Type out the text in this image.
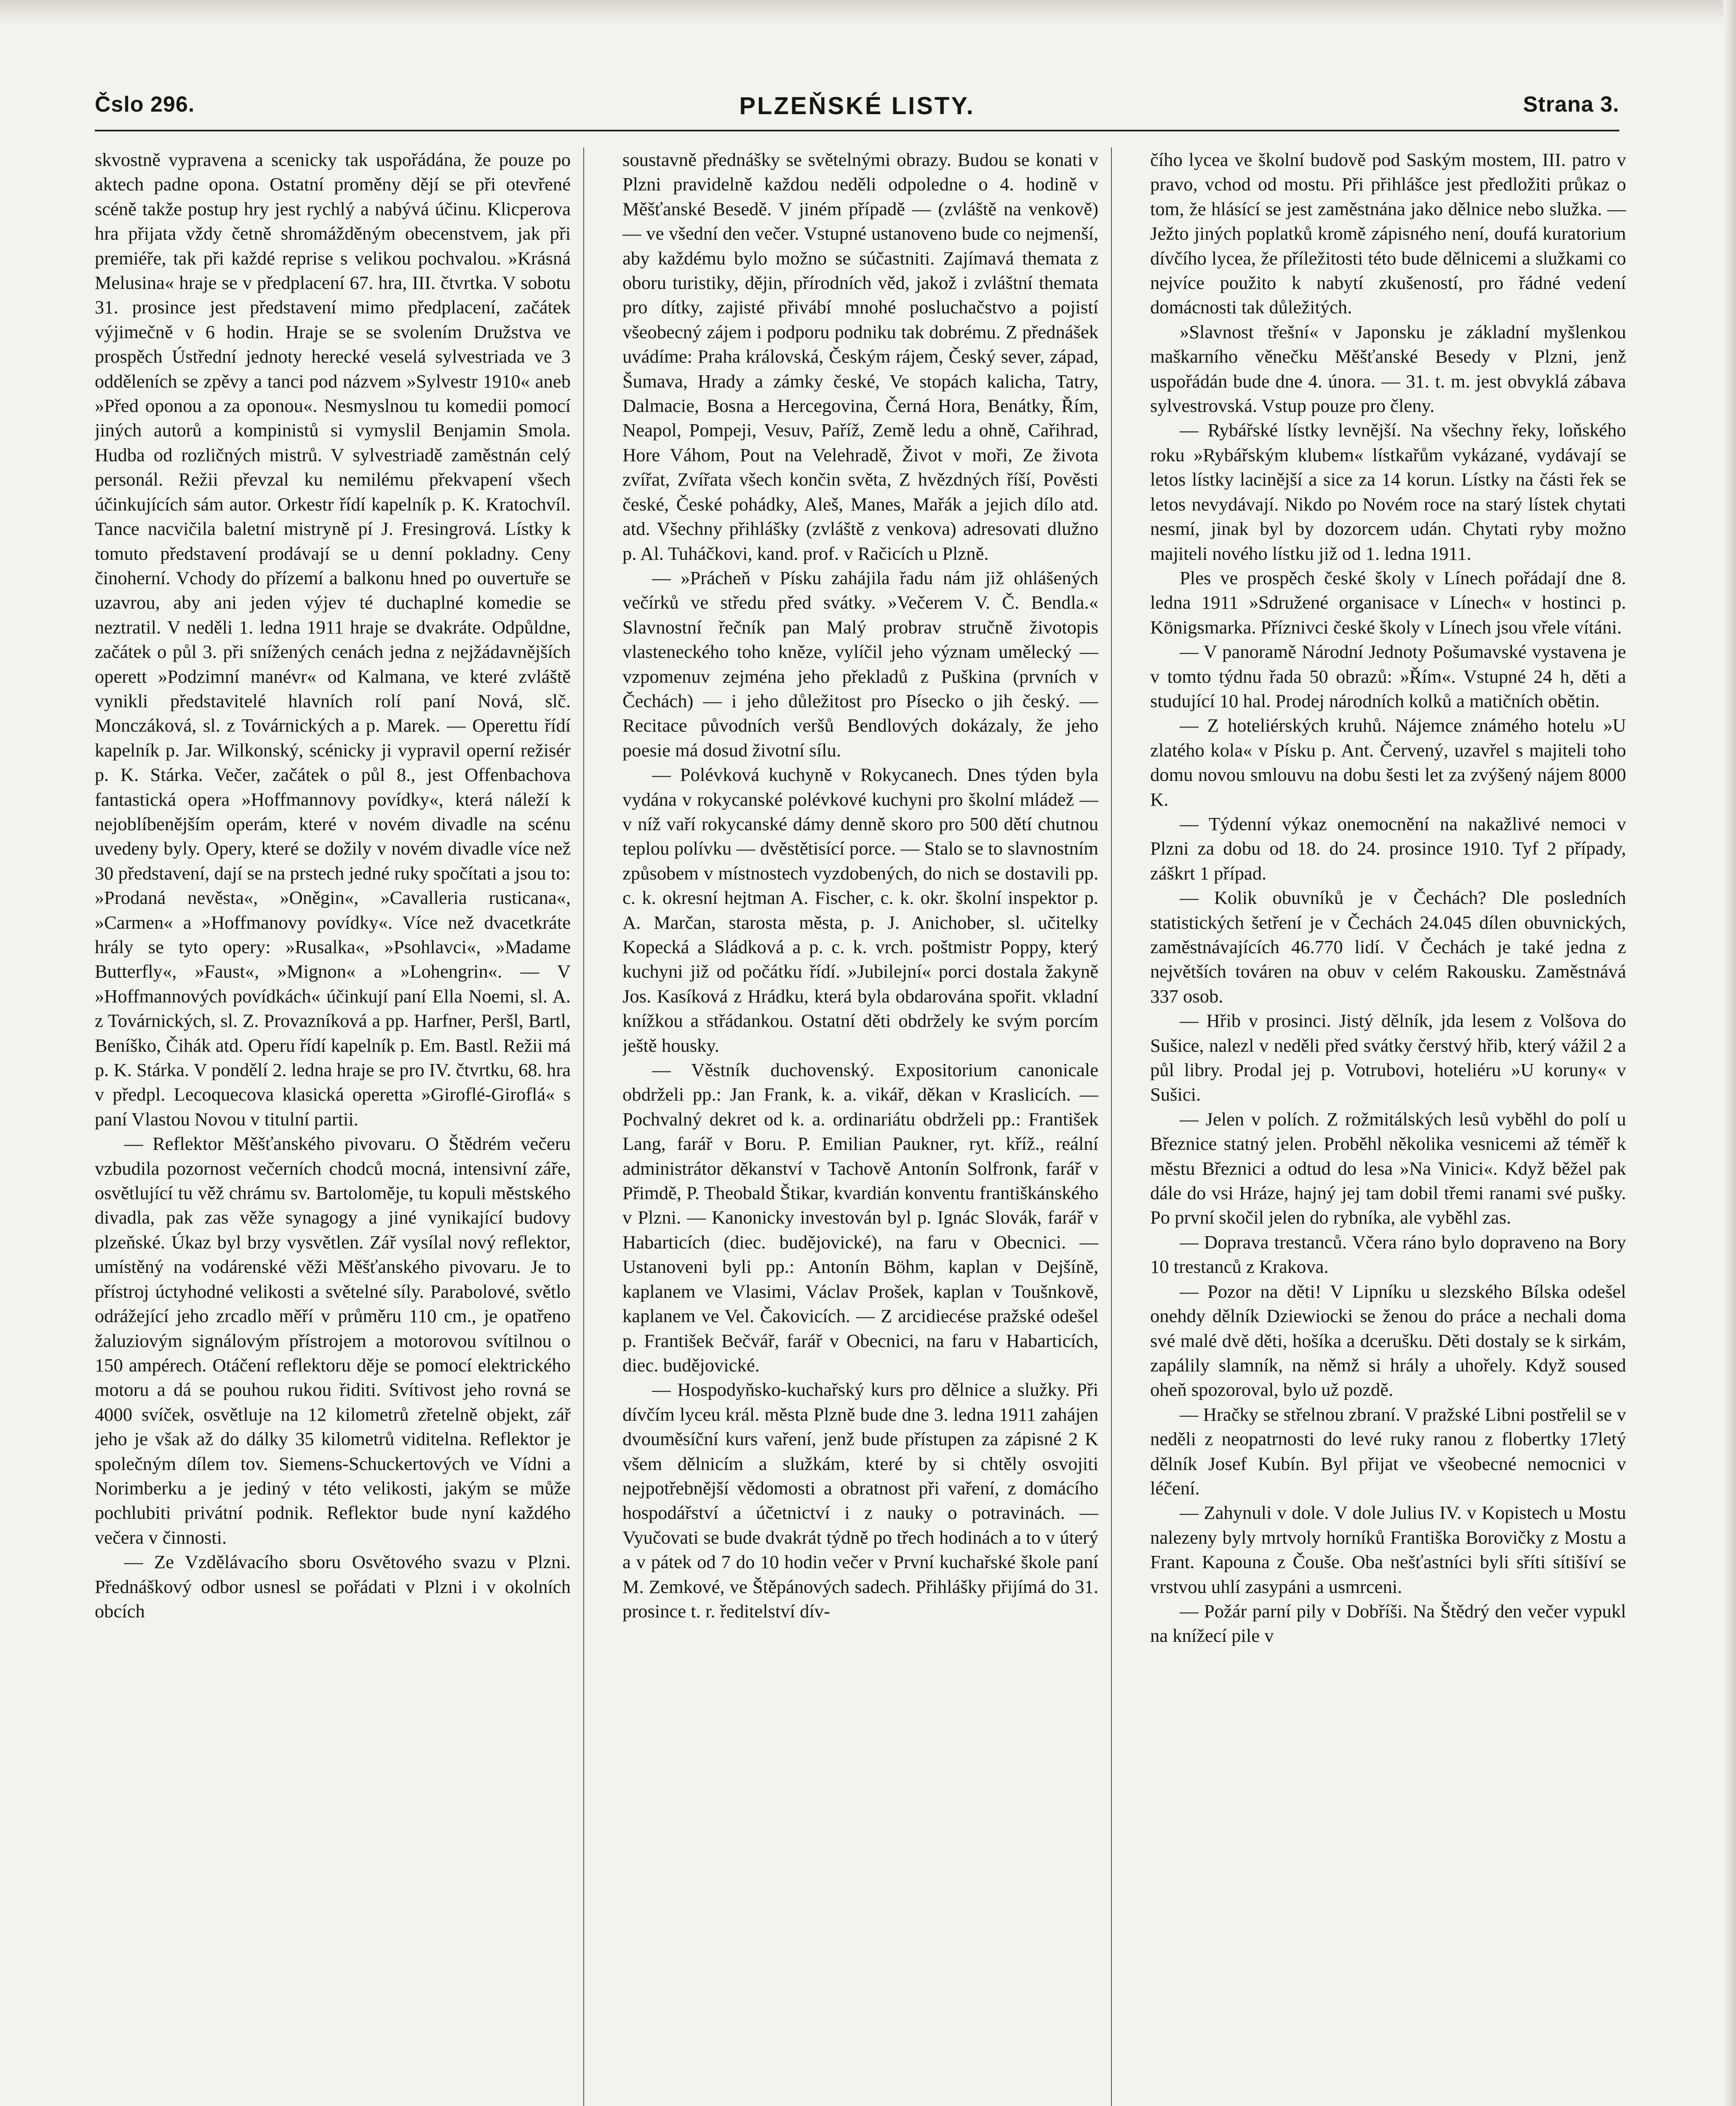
Čslo 296.	PLZEŇSKÉ LISTY.	Strana 3.

skvostně vypravena a scenicky tak uspořádána, že pouze po aktech padne opona. Ostatní proměny dějí se při otevřené scéně takže postup hry jest rychlý a nabývá účinu. Klicperova hra přijata vždy četně shromážděným obecenstvem, jak při premiéře, tak při každé reprise s velikou pochvalou. »Krásná Melusina« hraje se v předplacení 67. hra, III. čtvrtka. V sobotu 31. prosince jest představení mimo předplacení, začátek výjimečně v 6 hodin. Hraje se se svolením Družstva ve prospěch Ústřední jednoty herecké veselá sylvestriada ve 3 odděleních se zpěvy a tanci pod názvem »Sylvestr 1910« aneb »Před oponou a za oponou«. Nesmyslnou tu komedii pomocí jiných autorů a kompinistů si vymyslil Benjamin Smola. Hudba od rozličných mistrů. V sylvestriadě zaměstnán celý personál. Režii převzal ku nemilému překvapení všech účinkujících sám autor. Orkestr řídí kapelník p. K. Kratochvíl. Tance nacvičila baletní mistryně pí J. Fresingrová. Lístky k tomuto představení prodávají se u denní pokladny. Ceny činoherní. Vchody do přízemí a balkonu hned po ouvertuře se uzavrou, aby ani jeden výjev té duchaplné komedie se neztratil. V neděli 1. ledna 1911 hraje se dvakráte. Odpůldne, začátek o půl 3. při snížených cenách jedna z nejžádavnějších operett »Podzimní manévr« od Kalmana, ve které zvláště vynikli představitelé hlavních rolí paní Nová, slč. Monczáková, sl. z Továrnických a p. Marek. — Operettu řídí kapelník p. Jar. Wilkonský, scénicky ji vypravil operní režisér p. K. Stárka. Večer, začátek o půl 8., jest Offenbachova fantastická opera »Hoffmannovy povídky«, která náleží k nejoblíbenějším operám, které v novém divadle na scénu uvedeny byly. Opery, které se dožily v novém divadle více než 30 představení, dají se na prstech jedné ruky spočítati a jsou to: »Prodaná nevěsta«, »Oněgin«, »Cavalleria rusticana«, »Carmen« a »Hoffmanovy povídky«. Více než dvacetkráte hrály se tyto opery: »Rusalka«, »Psohlavci«, »Madame Butterfly«, »Faust«, »Mignon« a »Lohengrin«. — V »Hoffmannových povídkách« účinkují paní Ella Noemi, sl. A. z Továrnických, sl. Z. Provazníková a pp. Harfner, Peršl, Bartl, Beníško, Čihák atd. Operu řídí kapelník p. Em. Bastl. Režii má p. K. Stárka. V pondělí 2. ledna hraje se pro IV. čtvrtku, 68. hra v předpl. Lecoquecova klasická operetta »Giroflé-Giroflá« s paní Vlastou Novou v titulní partii.

— Reflektor Měšťanského pivovaru. O Štědrém večeru vzbudila pozornost večerních chodců mocná, intensivní záře, osvětlující tu věž chrámu sv. Bartoloměje, tu kopuli městského divadla, pak zas věže synagogy a jiné vynikající budovy plzeňské. Úkaz byl brzy vysvětlen. Zář vysílal nový reflektor, umístěný na vodárenské věži Měšťanského pivovaru. Je to přístroj úctyhodné velikosti a světelné síly. Parabolové, světlo odrážející jeho zrcadlo měří v průměru 110 cm., je opatřeno žaluziovým signálovým přístrojem a motorovou svítilnou o 150 ampérech. Otáčení reflektoru děje se pomocí elektrického motoru a dá se pouhou rukou řiditi. Svítivost jeho rovná se 4000 svíček, osvětluje na 12 kilometrů zřetelně objekt, zář jeho je však až do dálky 35 kilometrů viditelna. Reflektor je společným dílem tov. Siemens-Schuckertových ve Vídni a Norimberku a je jediný v této velikosti, jakým se může pochlubiti privátní podnik. Reflektor bude nyní každého večera v činnosti.

— Ze Vzdělávacího sboru Osvětového svazu v Plzni. Přednáškový odbor usnesl se pořádati v Plzni i v okolních obcích

soustavně přednášky se světelnými obrazy. Budou se konati v Plzni pravidelně každou neděli odpoledne o 4. hodině v Měšťanské Besedě. V jiném případě — (zvláště na venkově) — ve všední den večer. Vstupné ustanoveno bude co nejmenší, aby každému bylo možno se súčastniti. Zajímavá themata z oboru turistiky, dějin, přírodních věd, jakož i zvláštní themata pro dítky, zajisté přivábí mnohé posluchačstvo a pojistí všeobecný zájem i podporu podniku tak dobrému. Z přednášek uvádíme: Praha královská, Českým rájem, Český sever, západ, Šumava, Hrady a zámky české, Ve stopách kalicha, Tatry, Dalmacie, Bosna a Hercegovina, Černá Hora, Benátky, Řím, Neapol, Pompeji, Vesuv, Paříž, Země ledu a ohně, Cařihrad, Hore Váhom, Pout na Velehradě, Život v moři, Ze života zvířat, Zvířata všech končin světa, Z hvězdných říší, Pověsti české, České pohádky, Aleš, Manes, Mařák a jejich dílo atd. atd. Všechny přihlášky (zvláště z venkova) adresovati dlužno p. Al. Tuháčkovi, kand. prof. v Račicích u Plzně.

— »Prácheň v Písku zahájila řadu nám již ohlášených večírků ve středu před svátky. »Večerem V. Č. Bendla.« Slavnostní řečník pan Malý probrav stručně životopis vlasteneckého toho kněze, vylíčil jeho význam umělecký — vzpomenuv zejména jeho překladů z Puškina (prvních v Čechách) — i jeho důležitost pro Písecko o jih český. — Recitace původních veršů Bendlových dokázaly, že jeho poesie má dosud životní sílu.

— Polévková kuchyně v Rokycanech. Dnes týden byla vydána v rokycanské polévkové kuchyni pro školní mládež — v níž vaří rokycanské dámy denně skoro pro 500 dětí chutnou teplou polívku — dvěstětisící porce. — Stalo se to slavnostním způsobem v místnostech vyzdobených, do nich se dostavili pp. c. k. okresní hejtman A. Fischer, c. k. okr. školní inspektor p. A. Marčan, starosta města, p. J. Anichober, sl. učitelky Kopecká a Sládková a p. c. k. vrch. poštmistr Poppy, který kuchyni již od počátku řídí. »Jubilejní« porci dostala žakyně Jos. Kasíková z Hrádku, která byla obdarována spořit. vkladní knížkou a střádankou. Ostatní děti obdržely ke svým porcím ještě housky.

— Věstník duchovenský. Expositorium canonicale obdrželi pp.: Jan Frank, k. a. vikář, děkan v Kraslicích. — Pochvalný dekret od k. a. ordinariátu obdrželi pp.: František Lang, farář v Boru. P. Emilian Paukner, ryt. kříž., reální administrátor děkanství v Tachově Antonín Solfronk, farář v Přimdě, P. Theobald Štikar, kvardián konventu františkánského v Plzni. — Kanonicky investován byl p. Ignác Slovák, farář v Habarticích (diec. budějovické), na faru v Obecnici. — Ustanoveni byli pp.: Antonín Böhm, kaplan v Dejšíně, kaplanem ve Vlasimi, Václav Prošek, kaplan v Toušnkově, kaplanem ve Vel. Čakovicích. — Z arcidiecése pražské odešel p. František Bečvář, farář v Obecnici, na faru v Habarticích, diec. budějovické.

— Hospodyňsko-kuchařský kurs pro dělnice a služky. Při dívčím lyceu král. města Plzně bude dne 3. ledna 1911 zahájen dvouměsíční kurs vaření, jenž bude přístupen za zápisné 2 K všem dělnicím a služkám, které by si chtěly osvojiti nejpotřebnější vědomosti a obratnost při vaření, z domácího hospodářství a účetnictví i z nauky o potravinách. — Vyučovati se bude dvakrát týdně po třech hodinách a to v úterý a v pátek od 7 do 10 hodin večer v První kuchařské škole paní M. Zemkové, ve Štěpánových sadech. Přihlášky přijímá do 31. prosince t. r. ředitelství dív-

čího lycea ve školní budově pod Saským mostem, III. patro v pravo, vchod od mostu. Při přihlášce jest předložiti průkaz o tom, že hlásící se jest zaměstnána jako dělnice nebo služka. — Ježto jiných poplatků kromě zápisného není, doufá kuratorium dívčího lycea, že příležitosti této bude dělnicemi a služkami co nejvíce použito k nabytí zkušeností, pro řádné vedení domácnosti tak důležitých.

»Slavnost třešní« v Japonsku je základní myšlenkou maškarního věnečku Měšťanské Besedy v Plzni, jenž uspořádán bude dne 4. února. — 31. t. m. jest obvyklá zábava sylvestrovská. Vstup pouze pro členy.

— Rybářské lístky levnější. Na všechny řeky, loňského roku »Rybářským klubem« lístkařům vykázané, vydávají se letos lístky lacinější a sice za 14 korun. Lístky na části řek se letos nevydávají. Nikdo po Novém roce na starý lístek chytati nesmí, jinak byl by dozorcem udán. Chytati ryby možno majiteli nového lístku již od 1. ledna 1911.

Ples ve prospěch české školy v Línech pořádají dne 8. ledna 1911 »Sdružené organisace v Línech« v hostinci p. Königsmarka. Příznivci české školy v Línech jsou vřele vítáni.

— V panoramě Národní Jednoty Pošumavské vystavena je v tomto týdnu řada 50 obrazů: »Řím«. Vstupné 24 h, děti a studující 10 hal. Prodej národních kolků a matičních obětin.

— Z hoteliérských kruhů. Nájemce známého hotelu »U zlatého kola« v Písku p. Ant. Červený, uzavřel s majiteli toho domu novou smlouvu na dobu šesti let za zvýšený nájem 8000 K.

— Týdenní výkaz onemocnění na nakažlivé nemoci v Plzni za dobu od 18. do 24. prosince 1910. Tyf 2 případy, záškrt 1 případ.

— Kolik obuvníků je v Čechách? Dle posledních statistických šetření je v Čechách 24.045 dílen obuvnických, zaměstnávajících 46.770 lidí. V Čechách je také jedna z největších továren na obuv v celém Rakousku. Zaměstnává 337 osob.

— Hřib v prosinci. Jistý dělník, jda lesem z Volšova do Sušice, nalezl v neděli před svátky čerstvý hřib, který vážil 2 a půl libry. Prodal jej p. Votrubovi, hoteliéru »U koruny« v Sušici.

— Jelen v polích. Z rožmitálských lesů vyběhl do polí u Březnice statný jelen. Proběhl několika vesnicemi až téměř k městu Březnici a odtud do lesa »Na Vinici«. Když běžel pak dále do vsi Hráze, hajný jej tam dobil třemi ranami své pušky. Po první skočil jelen do rybníka, ale vyběhl zas.

— Doprava trestanců. Včera ráno bylo dopraveno na Bory 10 trestanců z Krakova.

— Pozor na děti! V Lipníku u slezského Bílska odešel onehdy dělník Dziewiocki se ženou do práce a nechali doma své malé dvě děti, hošíka a dcerušku. Děti dostaly se k sirkám, zapálily slamník, na němž si hrály a uhořely. Když soused oheň spozoroval, bylo už pozdě.

— Hračky se střelnou zbraní. V pražské Libni postřelil se v neděli z neopatrnosti do levé ruky ranou z flobertky 17letý dělník Josef Kubín. Byl přijat ve všeobecné nemocnici v léčení.

— Zahynuli v dole. V dole Julius IV. v Kopistech u Mostu nalezeny byly mrtvoly horníků Františka Borovičky z Mostu a Frant. Kapouna z Čouše. Oba nešťastníci byli sříti sítišíví se vrstvou uhlí zasypáni a usmrceni.

— Požár parní pily v Dobříši. Na Štědrý den večer vypukl na knížecí pile v
